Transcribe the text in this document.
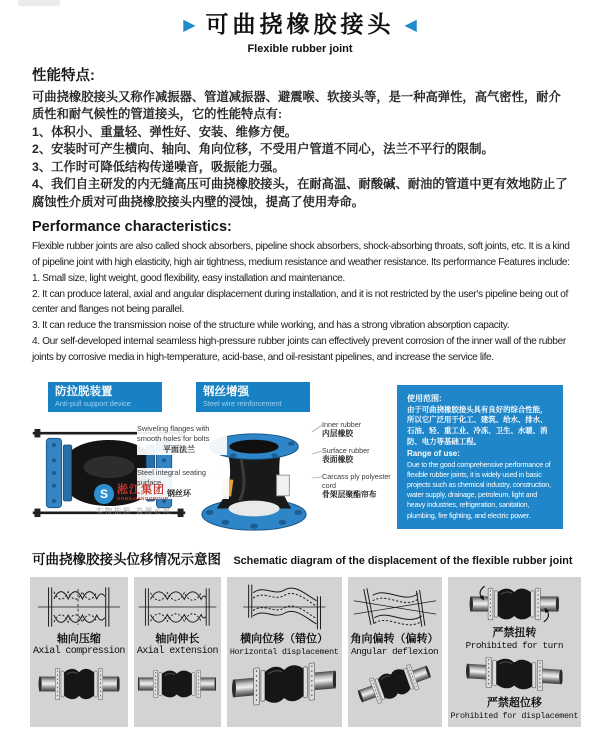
▶ 可曲挠橡胶接头 ◀
Flexible rubber joint
性能特点:

可曲挠橡胶接头又称作减振器、管道减振器、避震喉、软接头等，是一种高弹性，高气密性，耐介质性和耐气候性的管道接头，它的性能特点有:

1、体积小、重量轻、弹性好、安装、维修方便。

2、安装时可产生横向、轴向、角向位移，不受用户管道不同心，法兰不平行的限制。

3、工作时可降低结构传递噪音，吸振能力强。

4、我们自主研发的内无缝高压可曲挠橡胶接头，在耐高温、耐酸碱、耐油的管道中更有效地防止了腐蚀性介质对可曲挠橡胶接头内壁的浸蚀，提高了使用寿命。

Performance characteristics:

Flexible rubber joints are also called shock absorbers, pipeline shock absorbers, shock-absorbing throats, soft joints, etc. It is a kind of pipeline joint with high elasticity, high air tightness, medium resistance and weather resistance. Its performance Features include:

1. Small size, light weight, good flexibility, easy installation and maintenance.

2. It can produce lateral, axial and angular displacement during installation, and it is not restricted by the user's pipeline being out of center and flanges not being parallel.

3. It can reduce the transmission noise of the structure while working, and has a strong vibration absorption capacity.

4. Our self-developed internal seamless high-pressure rubber joints can effectively prevent corrosion of the inner wall of the rubber joints by corrosive media in high-temperature, acid-base, and oil-resistant pipelines, and increase the service life.

防拉脱装置
Anti-pull support device
钢丝增强
Steel wire reinforcement
Swiveling flanges with smooth holes for bolts
平面法兰
Steel integral seating surface
钢丝环
Inner rubber
内层橡胶
Surface rubber
表面橡胶
Carcass ply polyester cord
骨架层聚酯帘布
使用范围:
由于可曲挠橡胶接头具有良好的综合性能，所以它广泛用于化工、建筑、给水、排水、石油、轻、重工业、冷冻、卫生、水暖、消防、电力等基础工程。
Range of use:
Due to the good comprehensive performance of flexible rubber joints, it is widely used in basic projects such as chemical industry, construction, water supply, drainage, petroleum, light and heavy industries, refrigeration, sanitation, plumbing, fire fighting, and electric power.
S 淞江集团
SONGJIANGGROUP
实物拍照 盗图必究
可曲挠橡胶接头位移情况示意图 Schematic diagram of the displacement of the flexible rubber joint
轴向压缩
Axial compression
轴向伸长
Axial extension
横向位移（错位）
Horizontal displacement
角向偏转（偏转）
Angular deflexion
严禁扭转
Prohibited for turn
严禁超位移
Prohibited for displacement
